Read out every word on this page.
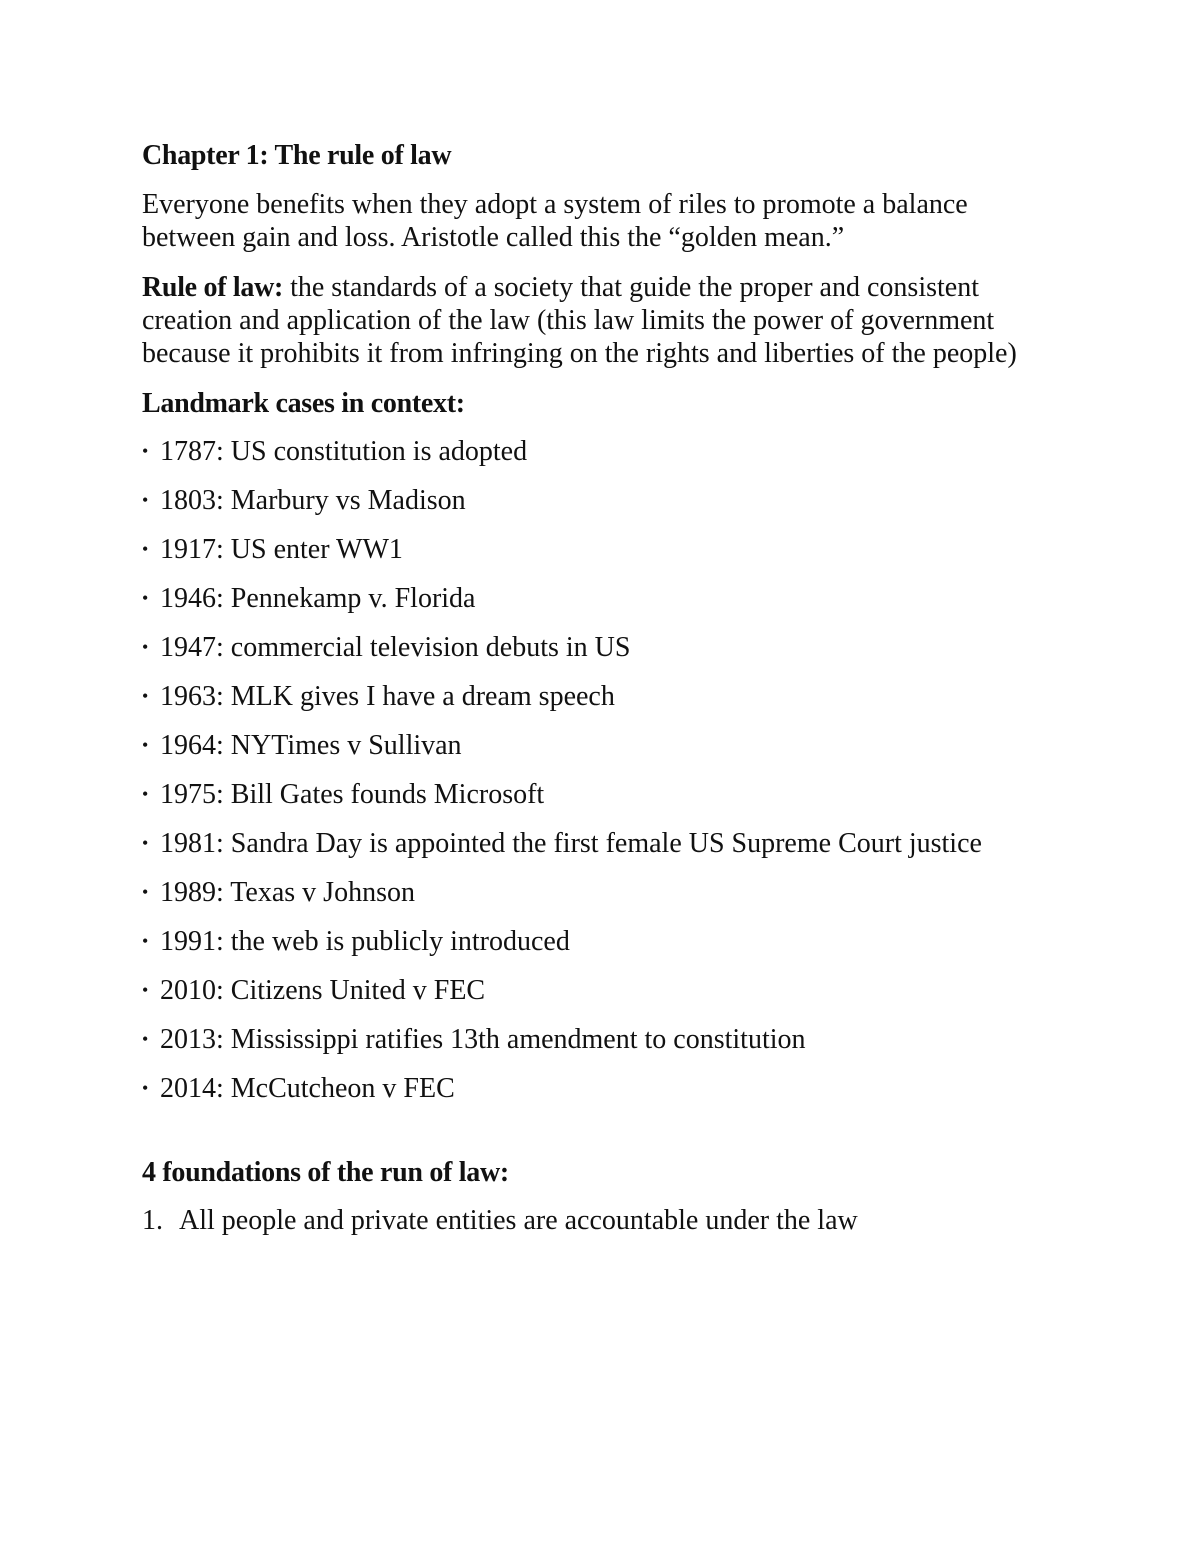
Chapter 1: The rule of law

Everyone benefits when they adopt a system of riles to promote a balance between gain and loss. Aristotle called this the “golden mean.”

Rule of law: the standards of a society that guide the proper and consistent creation and application of the law (this law limits the power of government because it prohibits it from infringing on the rights and liberties of the people)

Landmark cases in context:
• 1787: US constitution is adopted
• 1803: Marbury vs Madison
• 1917: US enter WW1
• 1946: Pennekamp v. Florida
• 1947: commercial television debuts in US
• 1963: MLK gives I have a dream speech
• 1964: NYTimes v Sullivan
• 1975: Bill Gates founds Microsoft
• 1981: Sandra Day is appointed the first female US Supreme Court justice
• 1989: Texas v Johnson
• 1991: the web is publicly introduced
• 2010: Citizens United v FEC
• 2013: Mississippi ratifies 13th amendment to constitution
• 2014: McCutcheon v FEC
4 foundations of the run of law:
1. All people and private entities are accountable under the law
